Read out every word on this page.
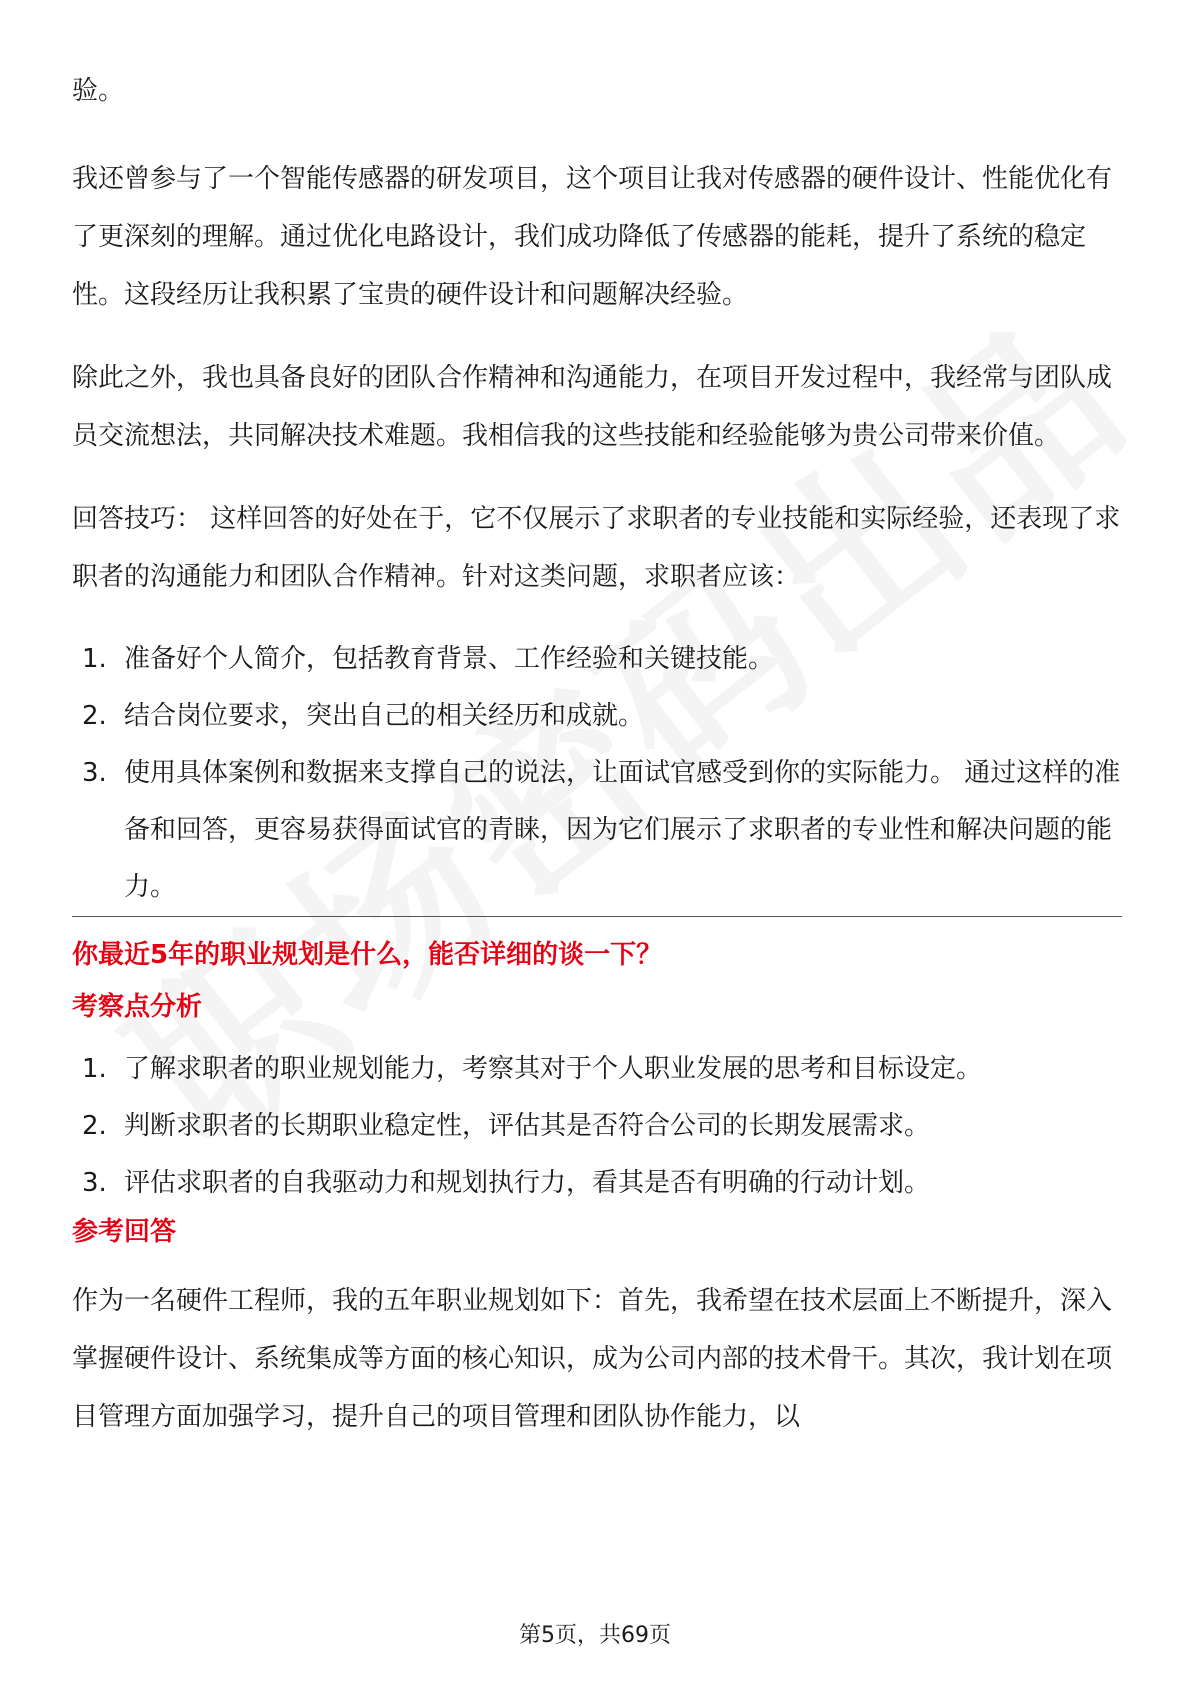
验。

我还曾参与了一个智能传感器的研发项目，这个项目让我对传感器的硬件设计、性能优化有了更深刻的理解。通过优化电路设计，我们成功降低了传感器的能耗，提升了系统的稳定性。这段经历让我积累了宝贵的硬件设计和问题解决经验。

除此之外，我也具备良好的团队合作精神和沟通能力，在项目开发过程中，我经常与团队成员交流想法，共同解决技术难题。我相信我的这些技能和经验能够为贵公司带来价值。

回答技巧： 这样回答的好处在于，它不仅展示了求职者的专业技能和实际经验，还表现了求职者的沟通能力和团队合作精神。针对这类问题，求职者应该：

1. 准备好个人简介，包括教育背景、工作经验和关键技能。
2. 结合岗位要求，突出自己的相关经历和成就。
3. 使用具体案例和数据来支撑自己的说法，让面试官感受到你的实际能力。 通过这样的准备和回答，更容易获得面试官的青睐，因为它们展示了求职者的专业性和解决问题的能力。
你最近5年的职业规划是什么，能否详细的谈一下？
考察点分析
1. 了解求职者的职业规划能力，考察其对于个人职业发展的思考和目标设定。
2. 判断求职者的长期职业稳定性，评估其是否符合公司的长期发展需求。
3. 评估求职者的自我驱动力和规划执行力，看其是否有明确的行动计划。
参考回答

作为一名硬件工程师，我的五年职业规划如下：首先，我希望在技术层面上不断提升，深入掌握硬件设计、系统集成等方面的核心知识，成为公司内部的技术骨干。其次，我计划在项目管理方面加强学习，提升自己的项目管理和团队协作能力，以

第5页，共69页
